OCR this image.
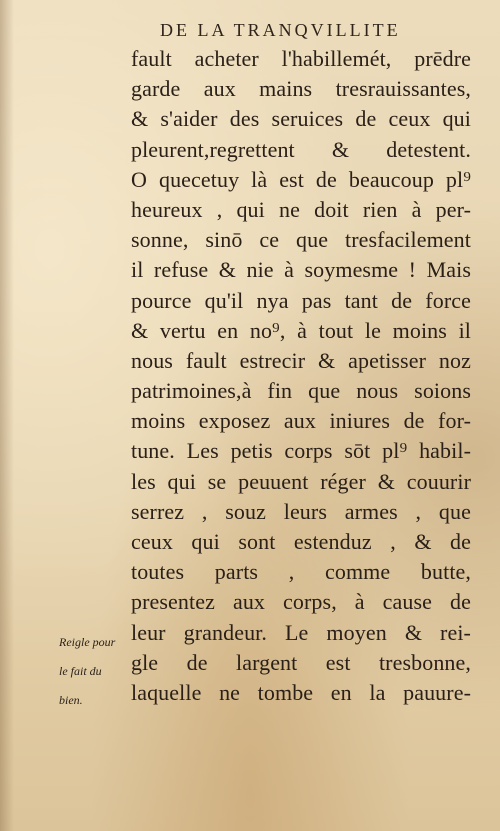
DE LA TRANQVILLITE
fault acheter l'habillemét, prēdre
garde aux mains tresrauissantes,
& s'aider des seruices de ceux qui
pleurent,regrettent & detestent.
O quecetuy là est de beaucoup pl⁹
heureux , qui ne doit rien à per-
sonne, sinō ce que tresfacilement
il refuse & nie à soymesme ! Mais
pource qu'il nya pas tant de force
& vertu en no⁹, à tout le moins il
nous fault estrecir & apetisser noz
patrimoines,à fin que nous soions
moins exposez aux iniures de for-
tune. Les petis corps sōt pl⁹ habil-
les qui se peuuent réger & couurir
serrez , souz leurs armes , que
ceux qui sont estenduz , & de
toutes parts , comme butte,
presentez aux corps, à cause de
leur grandeur. Le moyen & rei-
gle de largent est tresbonne,
laquelle ne tombe en la pauure-
Reigle pour
le fait du
bien.
